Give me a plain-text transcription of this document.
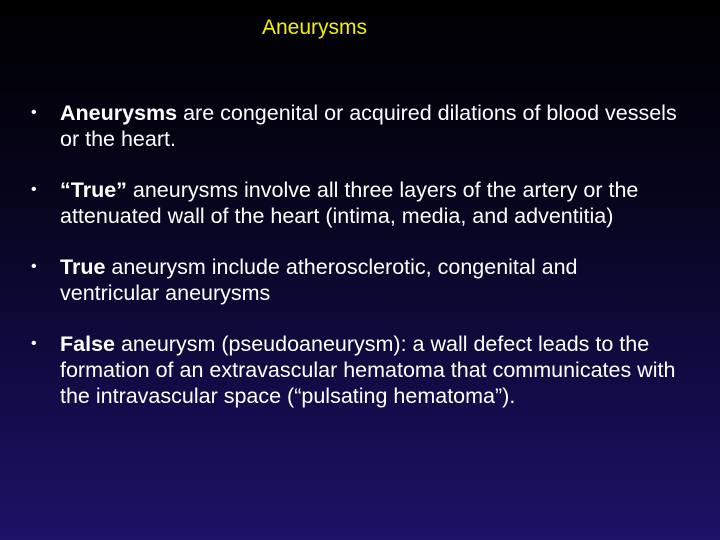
Aneurysms
•	Aneurysms are congenital or acquired dilations of blood vessels or the heart.
•	“True” aneurysms involve all three layers of the artery or the attenuated wall of the heart (intima, media, and adventitia)
•	True aneurysm include atherosclerotic, congenital and ventricular aneurysms
•	False aneurysm (pseudoaneurysm): a wall defect leads to the formation of an extravascular hematoma that communicates with the intravascular space (“pulsating hematoma”).
